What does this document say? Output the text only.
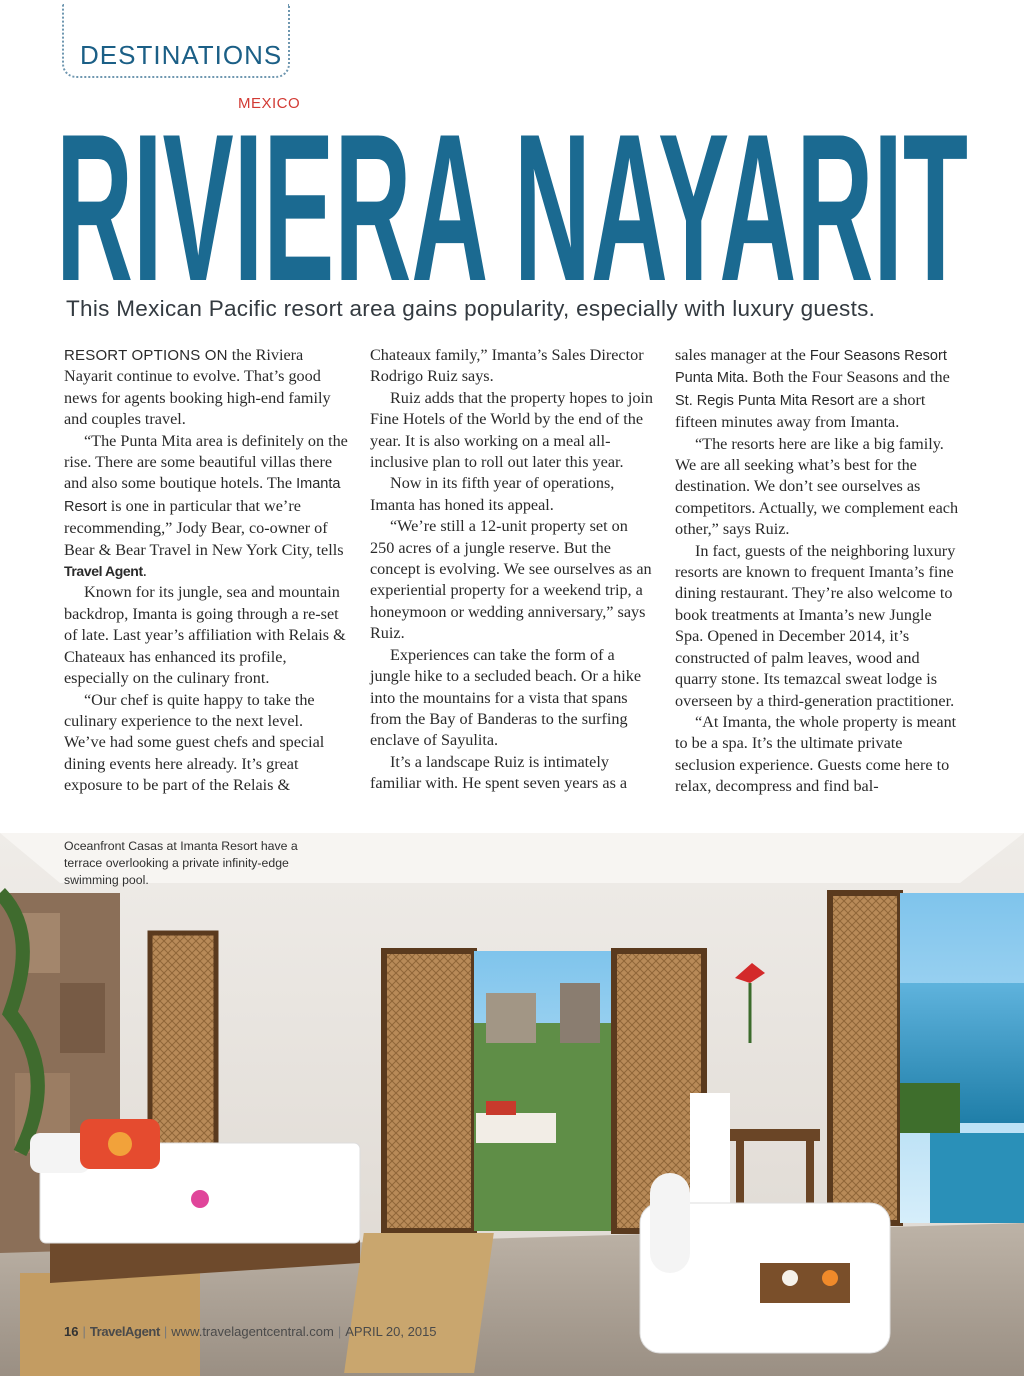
DESTINATIONS
MEXICO
RIVIERA NAYARIT
This Mexican Pacific resort area gains popularity, especially with luxury guests.

RESORT OPTIONS ON the Riviera Nayarit continue to evolve. That’s good news for agents booking high-end family and couples travel.

“The Punta Mita area is definitely on the rise. There are some beautiful villas there and also some boutique hotels. The Imanta Resort is one in particular that we’re recommending,” Jody Bear, co-owner of Bear & Bear Travel in New York City, tells Travel Agent.

Known for its jungle, sea and mountain backdrop, Imanta is going through a re-set of late. Last year’s affiliation with Relais & Chateaux has enhanced its profile, especially on the culinary front.

“Our chef is quite happy to take the culinary experience to the next level. We’ve had some guest chefs and special dining events here already. It’s great exposure to be part of the Relais &

Chateaux family,” Imanta’s Sales Director Rodrigo Ruiz says.

Ruiz adds that the property hopes to join Fine Hotels of the World by the end of the year. It is also working on a meal all-inclusive plan to roll out later this year.

Now in its fifth year of operations, Imanta has honed its appeal.

“We’re still a 12-unit property set on 250 acres of a jungle reserve. But the concept is evolving. We see ourselves as an experiential property for a weekend trip, a honeymoon or wedding anniversary,” says Ruiz.

Experiences can take the form of a jungle hike to a secluded beach. Or a hike into the mountains for a vista that spans from the Bay of Banderas to the surfing enclave of Sayulita.

It’s a landscape Ruiz is intimately familiar with. He spent seven years as a

sales manager at the Four Seasons Resort Punta Mita. Both the Four Seasons and the St. Regis Punta Mita Resort are a short fifteen minutes away from Imanta.

“The resorts here are like a big family. We are all seeking what’s best for the destination. We don’t see ourselves as competitors. Actually, we complement each other,” says Ruiz.

In fact, guests of the neighboring luxury resorts are known to frequent Imanta’s fine dining restaurant. They’re also welcome to book treatments at Imanta’s new Jungle Spa. Opened in December 2014, it’s constructed of palm leaves, wood and quarry stone. Its temazcal sweat lodge is overseen by a third-generation practitioner.

“At Imanta, the whole property is meant to be a spa. It’s the ultimate private seclusion experience. Guests come here to relax, decompress and find bal-

Oceanfront Casas at Imanta Resort have a terrace overlooking a private infinity-edge swimming pool.
16 | TravelAgent | www.travelagentcentral.com | APRIL 20, 2015
